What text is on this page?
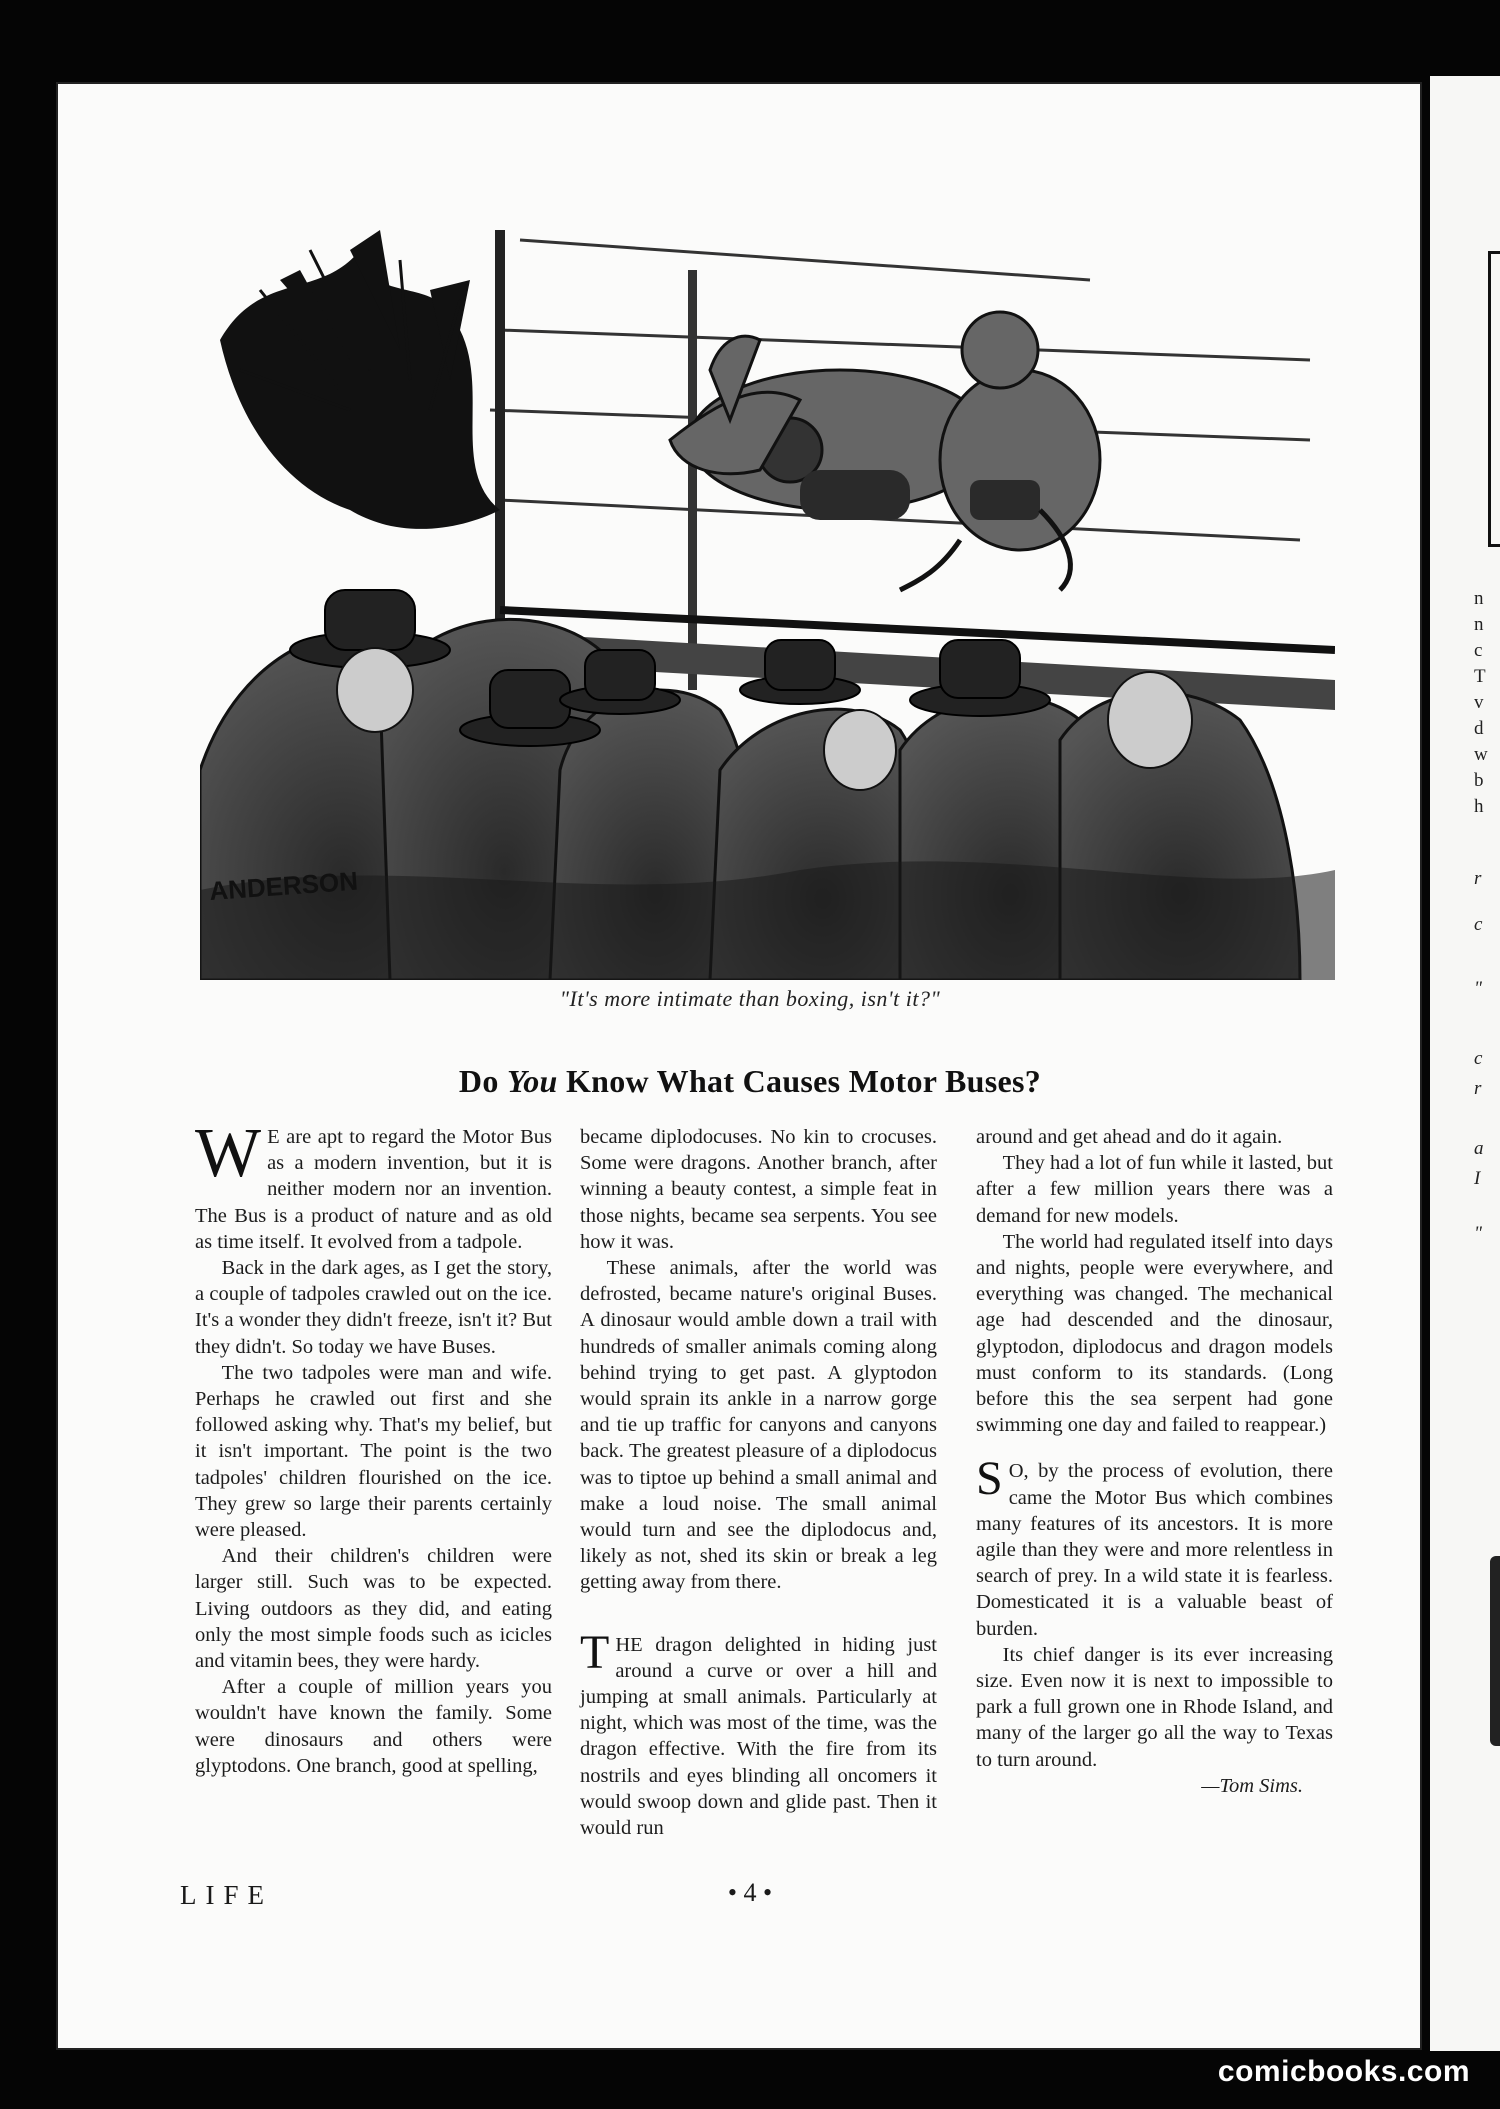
n
n
c
T
v
d
w
b
h
r
c
"
c
r
a
I
"
ANDERSON
"It's more intimate than boxing, isn't it?"
Do You Know What Causes Motor Buses?

W E are apt to regard the Motor Bus as a modern invention, but it is neither modern nor an invention. The Bus is a product of nature and as old as time itself. It evolved from a tadpole.

Back in the dark ages, as I get the story, a couple of tadpoles crawled out on the ice. It's a wonder they didn't freeze, isn't it? But they didn't. So today we have Buses.

The two tadpoles were man and wife. Perhaps he crawled out first and she followed asking why. That's my belief, but it isn't important. The point is the two tadpoles' children flourished on the ice. They grew so large their parents certainly were pleased.

And their children's children were larger still. Such was to be expected. Living outdoors as they did, and eating only the most simple foods such as icicles and vitamin bees, they were hardy.

After a couple of million years you wouldn't have known the family. Some were dinosaurs and others were glyptodons. One branch, good at spelling,

became diplodocuses. No kin to crocuses. Some were dragons. Another branch, after winning a beauty contest, a simple feat in those nights, became sea serpents. You see how it was.

These animals, after the world was defrosted, became nature's original Buses. A dinosaur would amble down a trail with hundreds of smaller animals coming along behind trying to get past. A glyptodon would sprain its ankle in a narrow gorge and tie up traffic for canyons and canyons back. The greatest pleasure of a diplodocus was to tiptoe up behind a small animal and make a loud noise. The small animal would turn and see the diplodocus and, likely as not, shed its skin or break a leg getting away from there.

THE dragon delighted in hiding just around a curve or over a hill and jumping at small animals. Particularly at night, which was most of the time, was the dragon effective. With the fire from its nostrils and eyes blinding all oncomers it would swoop down and glide past. Then it would run

around and get ahead and do it again.

They had a lot of fun while it lasted, but after a few million years there was a demand for new models.

The world had regulated itself into days and nights, people were everywhere, and everything was changed. The mechanical age had descended and the dinosaur, glyptodon, diplodocus and dragon models must conform to its standards. (Long before this the sea serpent had gone swimming one day and failed to reappear.)

S O, by the process of evolution, there came the Motor Bus which combines many features of its ancestors. It is more agile than they were and more relentless in search of prey. In a wild state it is fearless. Domesticated it is a valuable beast of burden.

Its chief danger is its ever increasing size. Even now it is next to impossible to park a full grown one in Rhode Island, and many of the larger go all the way to Texas to turn around.

—Tom Sims.

LIFE	• 4 •
comicbooks.com
